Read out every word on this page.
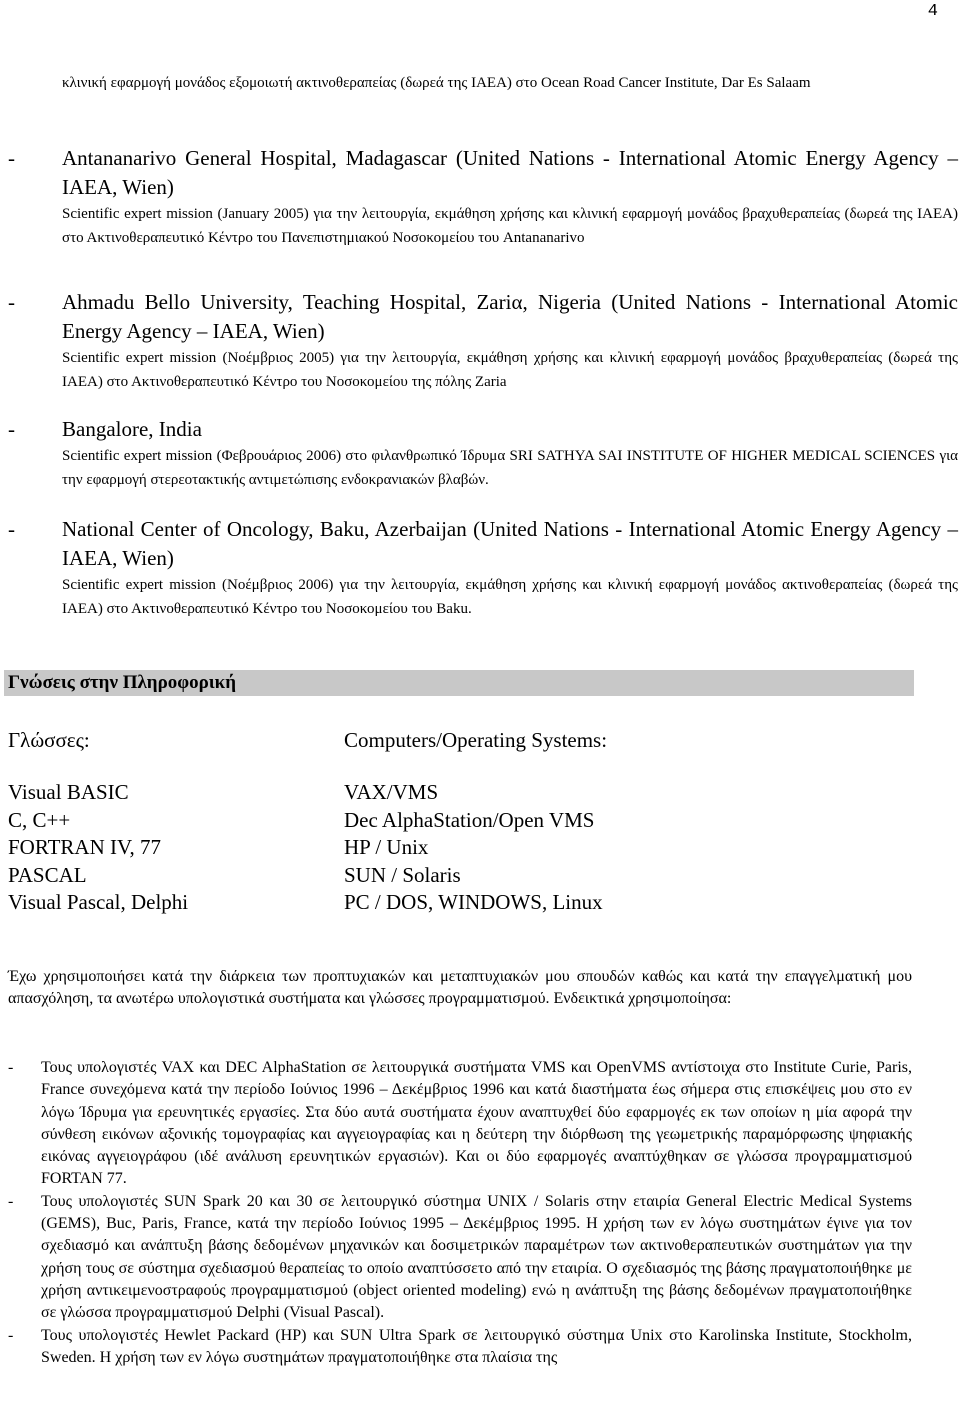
4
κλινική εφαρμογή μονάδος εξομοιωτή ακτινοθεραπείας (δωρεά της IAEA) στο Ocean Road Cancer Institute, Dar Es Salaam
- Antananarivo General Hospital, Madagascar (United Nations - International Atomic Energy Agency – IAEA, Wien)
Scientific expert mission (January 2005) για την λειτουργία, εκμάθηση χρήσης και κλινική εφαρμογή μονάδος βραχυθεραπείας (δωρεά της IAEA) στο Ακτινοθεραπευτικό Κέντρο του Πανεπιστημιακού Νοσοκομείου του Antananarivo
- Ahmadu Bello University, Teaching Hospital, Zariα, Nigeria (United Nations - International Atomic Energy Agency – IAEA, Wien)
Scientific expert mission (Νοέμβριος 2005) για την λειτουργία, εκμάθηση χρήσης και κλινική εφαρμογή μονάδος βραχυθεραπείας (δωρεά της IAEA) στο Ακτινοθεραπευτικό Κέντρο του Νοσοκομείου της πόλης Zaria
- Bangalore, India
Scientific expert mission (Φεβρουάριος 2006) στο φιλανθρωπικό Ίδρυμα SRI SATHYA SAI INSTITUTE OF HIGHER MEDICAL SCIENCES για την εφαρμογή στερεοτακτικής αντιμετώπισης ενδοκρανιακών βλαβών.
- National Center of Oncology, Baku, Azerbaijan (United Nations - International Atomic Energy Agency – IAEA, Wien)
Scientific expert mission (Νοέμβριος 2006) για την λειτουργία, εκμάθηση χρήσης και κλινική εφαρμογή μονάδος ακτινοθεραπείας (δωρεά της IAEA) στο Ακτινοθεραπευτικό Κέντρο του Νοσοκομείου του Baku.
Γνώσεις στην Πληροφορική
Γλώσσες:	Computers/Operating Systems:
Visual BASIC
C, C++
FORTRAN IV, 77
PASCAL
Visual Pascal, Delphi
VAX/VMS
Dec AlphaStation/Open VMS
HP / Unix
SUN / Solaris
PC / DOS, WINDOWS, Linux
Έχω χρησιμοποιήσει κατά την διάρκεια των προπτυχιακών και μεταπτυχιακών μου σπουδών καθώς και κατά την επαγγελματική μου απασχόληση, τα ανωτέρω υπολογιστικά συστήματα και γλώσσες προγραμματισμού. Ενδεικτικά χρησιμοποίησα:
- Τους υπολογιστές VAX και DEC AlphaStation σε λειτουργικά συστήματα VMS και OpenVMS αντίστοιχα στο Institute Curie, Paris, France συνεχόμενα κατά την περίοδο Ιούνιος 1996 – Δεκέμβριος 1996 και κατά διαστήματα έως σήμερα στις επισκέψεις μου στο εν λόγω Ίδρυμα για ερευνητικές εργασίες. Στα δύο αυτά συστήματα έχουν αναπτυχθεί δύο εφαρμογές εκ των οποίων η μία αφορά την σύνθεση εικόνων αξονικής τομογραφίας και αγγειογραφίας και η δεύτερη την διόρθωση της γεωμετρικής παραμόρφωσης ψηφιακής εικόνας αγγειογράφου (ιδέ ανάλυση ερευνητικών εργασιών). Και οι δύο εφαρμογές αναπτύχθηκαν σε γλώσσα προγραμματισμού FORTAN 77.
- Τους υπολογιστές SUN Spark 20 και 30 σε λειτουργικό σύστημα UNIX / Solaris στην εταιρία General Electric Medical Systems (GEMS), Buc, Paris, France, κατά την περίοδο Ιούνιος 1995 – Δεκέμβριος 1995. Η χρήση των εν λόγω συστημάτων έγινε για τον σχεδιασμό και ανάπτυξη βάσης δεδομένων μηχανικών και δοσιμετρικών παραμέτρων των ακτινοθεραπευτικών συστημάτων για την χρήση τους σε σύστημα σχεδιασμού θεραπείας το οποίο αναπτύσσετο από την εταιρία. Ο σχεδιασμός της βάσης πραγματοποιήθηκε με χρήση αντικειμενοστραφούς προγραμματισμού (object oriented modeling) ενώ η ανάπτυξη της βάσης δεδομένων πραγματοποιήθηκε σε γλώσσα προγραμματισμού Delphi (Visual Pascal).
- Τους υπολογιστές Hewlet Packard (HP) και SUN Ultra Spark σε λειτουργικό σύστημα Unix στο Karolinska Institute, Stockholm, Sweden. Η χρήση των εν λόγω συστημάτων πραγματοποιήθηκε στα πλαίσια της
